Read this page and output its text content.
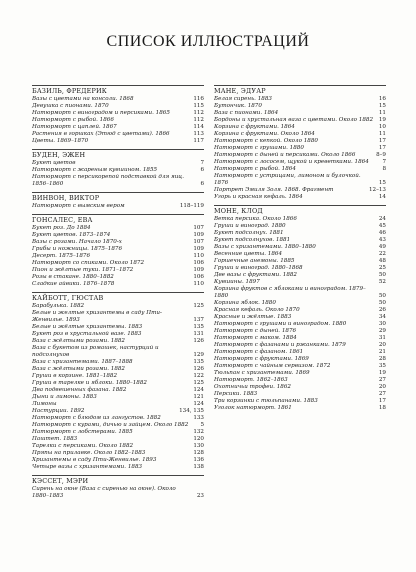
СПИСОК ИЛЛЮСТРАЦИЙ
БАЗИЛЬ, ФРЕДЕРИК
Вазы с цветами на консоли. 1868	116
Девушка с пионами. 1870	115
Натюрморт с виноградом и персиками. 1865	112
Натюрморт с рыбой. 1866	112
Натюрморт с цаплей. 1867	114
Растения в горшках (Этюд с цветами). 1866	113
Цветы. 1869–1870	117
БУДЕН, ЭЖЕН
Букет цветов	7
Натюрморт с жареным кувшином. 1855	6
Натюрморт с персикорепой подставкой для яиц. 1856–1860	6
ВИНВОН, ВИКТОР
Натюрморт с вымским вером	118–119
ГОНСАЛЕС, ЕВА
Букет роз. До 1884	107
Букет цветов. 1873–1874	109
Вазы с розами. Начало 1870-х	107
Грибы и ножницы. 1875–1876	109
Десерт. 1875–1876	110
Натюрморт со спиками. Около 1872	106
Пион и жёлтые туки. 1871–1872	109
Розы в стакане. 1880–1882	106
Сладкие айвики. 1876–1878	110
КАЙБОТТ, ГЮСТАВ
Барабулька. 1882	125
Белые и желтые хризантемы в саду Пти-Женвилье. 1893	137
Белые и жёлтые хризантемы. 1883	135
Букет роз в хрустальной вазе. 1883	131
Ваза с жёлтыми розами. 1882	126
Ваза с букетом из ромашек, настурций и подсолнухов	129
Ваза с хризантемами. 1887–1888	135
Ваза с жёлтыми розами. 1882	126
Груши в корзине. 1881–1882	122
Груши в тарелке и яблоки. 1880–1882	125
Два подвешенных фазана. 1882	124
Дыни и лимоны. 1883	121
Лимоны	124
Настурции. 1892	134, 135
Натюрморт с блюдом из лангустов. 1882	133
Натюрморт с курами, дичью и зайцем. Около 1882	5
Натюрморт с лобстерами. 1885	132
Паштет. 1883	120
Тарелки с персиками. Около 1882	130
Пряпы на прилавке. Около 1882–1883	128
Хризантемы в саду Пти-Женвилье. 1893	136
Четыре вазы с хризантемами. 1883	138
КЭССЕТ, МЭРИ
Сирень на окне (Ваза с сиренью на окне). Около 1880–1883	23
МАНЕ, ЭДУАР
Белая сирень. 1883	16
Бутончик. 1870	15
Ваза с пионами. 1864	11
Бордоны и хрустальная ваза с цветами. Около 1882	19
Корзина с фруктами. 1864	10
Корзина с фруктами. Около 1864	11
Натюрморт с кепкой. Около 1880	17
Натюрморт с грушами. 1880	17
Натюрморт с дыней и персиками. Около 1866	8–9
Натюрморт с лососем, щукой и креветками. 1864	7
Натюрморт с рыбой. 1864	8
Натюрморт с устрицами, лимоном и булочкой. 1876	15
Портрет Эмиля Золя. 1868. Фрагмент	12–13
Угорь и красная кефаль. 1864	14
МОНЕ, КЛОД
Ветка персика. Около 1866	24
Груши и виноград. 1880	45
Букет подсолнух. 1881	46
Букет подсолнухов. 1881	43
Вазы с хризантемами. 1880–1880	49
Весенние цветы. 1864	22
Горшечные анемоны. 1885	48
Груши и виноград. 1880–1868	25
Две вазы с фруктами. 1882	50
Кувшины. 1897	52
Корзина фруктов с яблоками и виноградом. 1879–1880	50
Корзина яблок. 1880	50
Красная кефаль. Около 1870	26
Красные и жёлтые. 1883	34
Натюрморт с грушами и виноградом. 1880	30
Натюрморт с дыней. 1876	29
Натюрморт с маком. 1884	31
Натюрморт с фазанами и ржанками. 1879	20
Натюрморт с фазаном. 1861	21
Натюрморт с фруктами. 1869	28
Натюрморт с чайным сервизом. 1872	35
Тюльпан с хризантемами. 1869	19
Натюрморт. 1862–1863	27
Охотничьи трофеи. 1862	20
Персики. 1883	27
Три корзинки с тюльпанами. 1883	17
Уголок натюрморт. 1861	18
